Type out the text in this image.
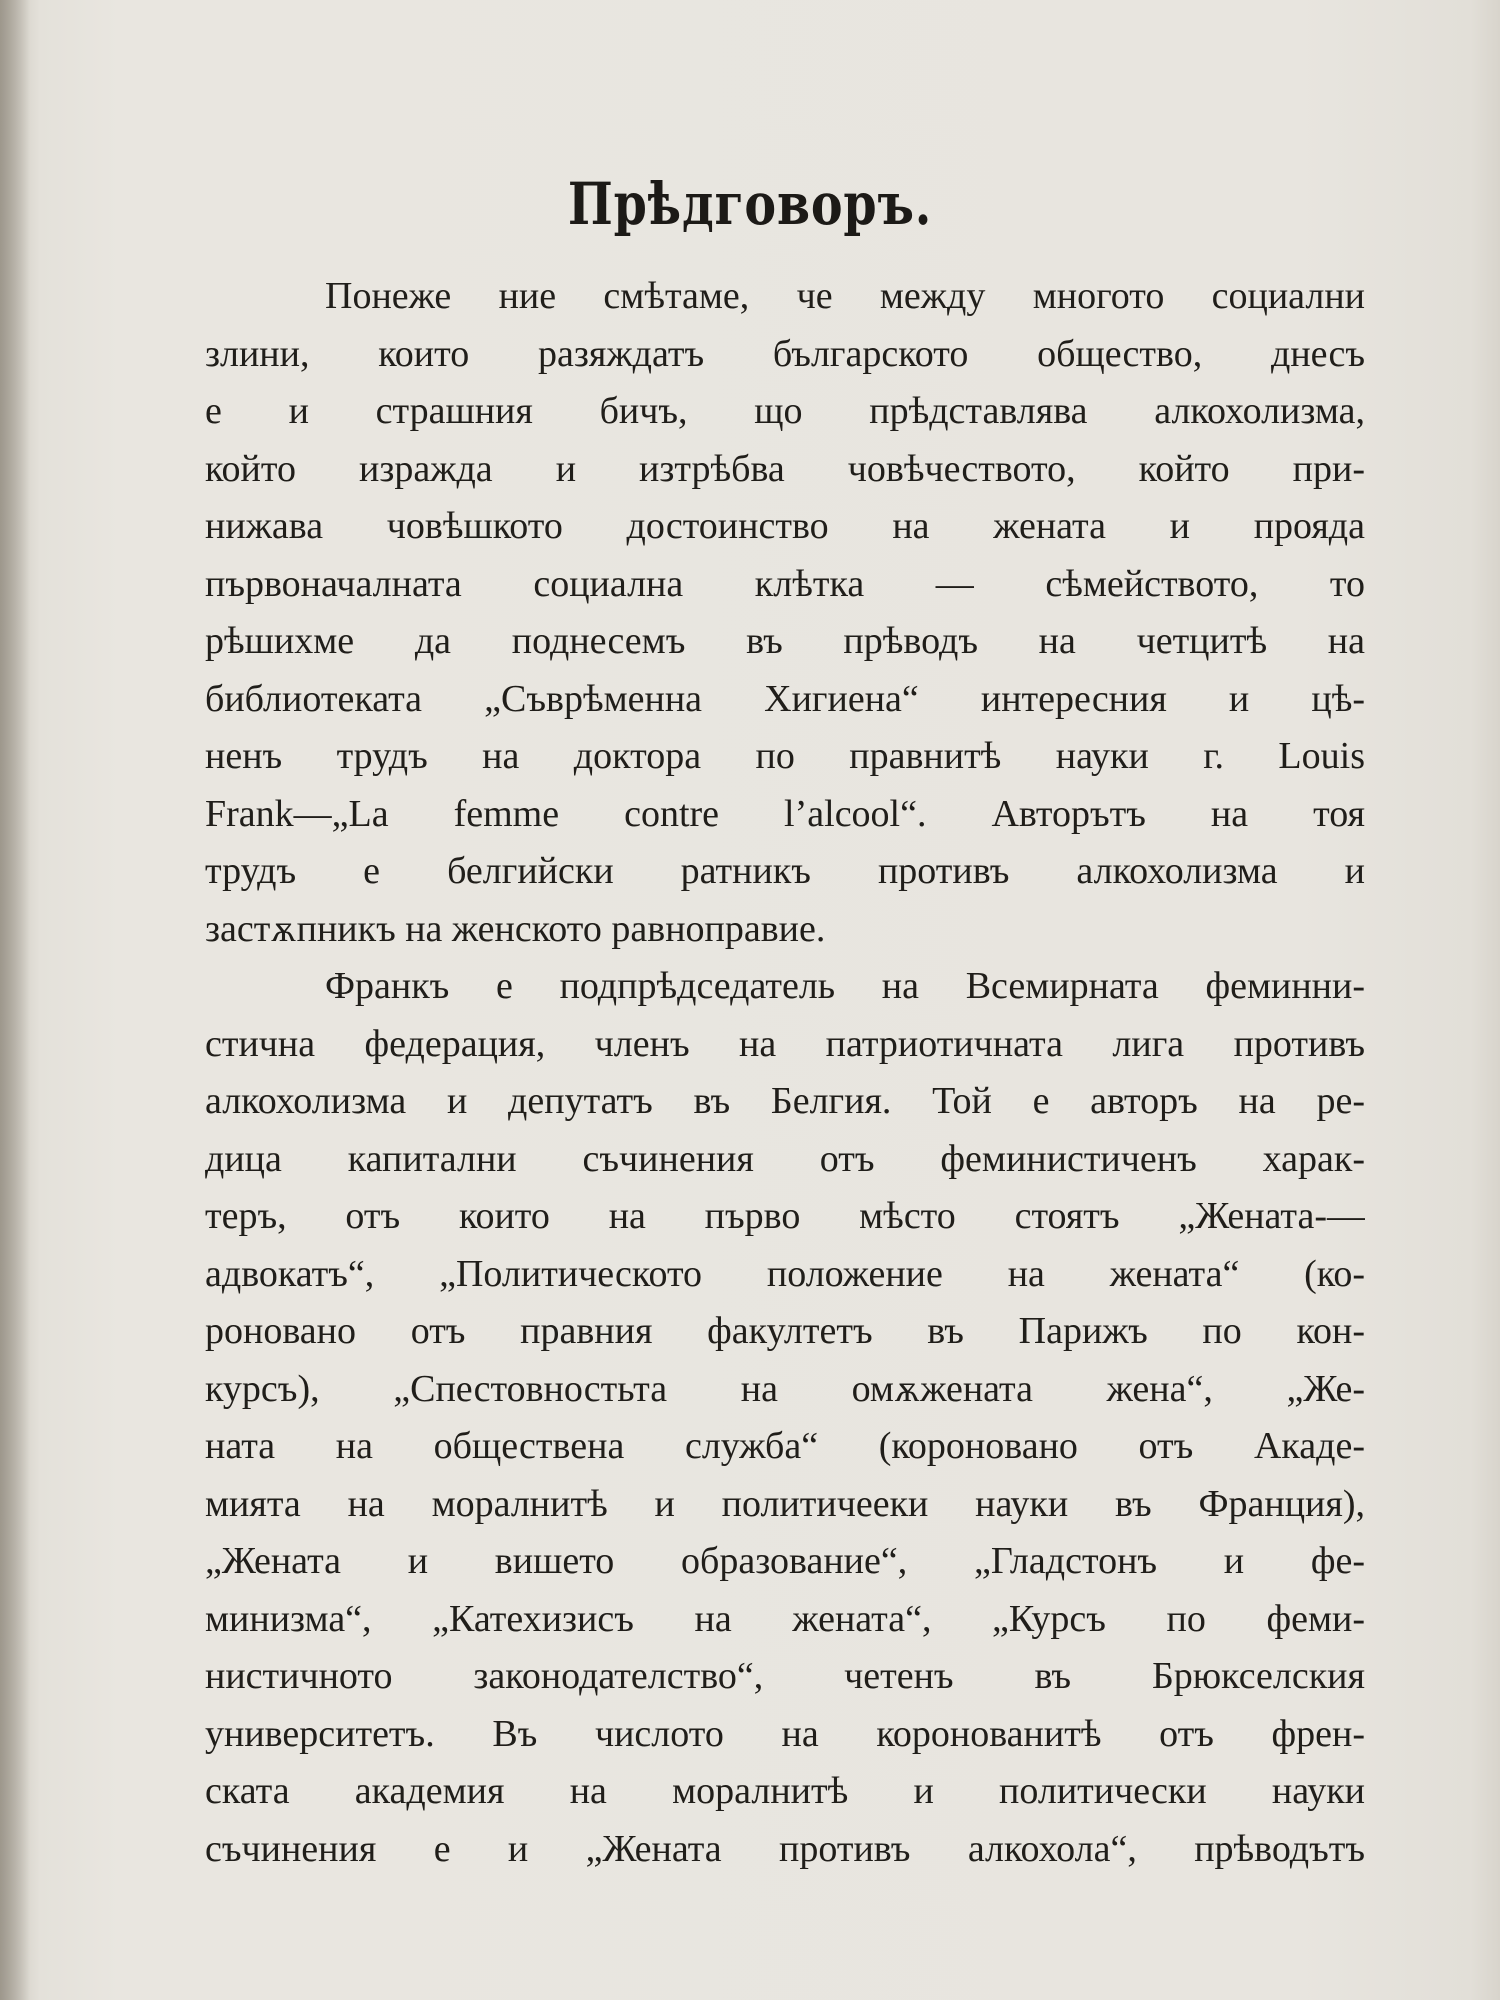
Прѣдговоръ.
Понеже ние смѣтаме, че между многото социални
злини, които разяждатъ българското общество, днесъ
е и страшния бичъ, що прѣдставлява алкохолизма,
който изражда и изтрѣбва човѣчеството, който при-
нижава човѣшкото достоинство на жената и прояда
първоначалната социална клѣтка — сѣмейството, то
рѣшихме да поднесемъ въ прѣводъ на четцитѣ на
библиотеката „Съврѣменна Хигиена“ интересния и цѣ-
ненъ трудъ на доктора по правнитѣ науки г. Louis
Frank—„La femme contre l’alcool“. Авторътъ на тоя
трудъ е белгийски ратникъ противъ алкохолизма и
застѫпникъ на женското равноправие.
Франкъ е подпрѣдседатель на Всемирната феминни-
стична федерация, членъ на патриотичната лига противъ
алкохолизма и депутатъ въ Белгия. Той е авторъ на ре-
дица капитални съчинения отъ феминистиченъ харак-
теръ, отъ които на първо мѣсто стоятъ „Жената-—
адвокатъ“, „Политическото положение на жената“ (ко-
роновано отъ правния факултетъ въ Парижъ по кон-
курсъ), „Спестовностьта на омѫжената жена“, „Же-
ната на обществена служба“ (короновано отъ Акаде-
мията на моралнитѣ и политичееки науки въ Франция),
„Жената и вишето образование“, „Гладстонъ и фе-
минизма“, „Катехизисъ на жената“, „Курсъ по феми-
нистичното законодателство“, четенъ въ Брюкселския
университетъ. Въ числото на коронованитѣ отъ френ-
ската академия на моралнитѣ и политически науки
съчинения е и „Жената противъ алкохола“, прѣводътъ
